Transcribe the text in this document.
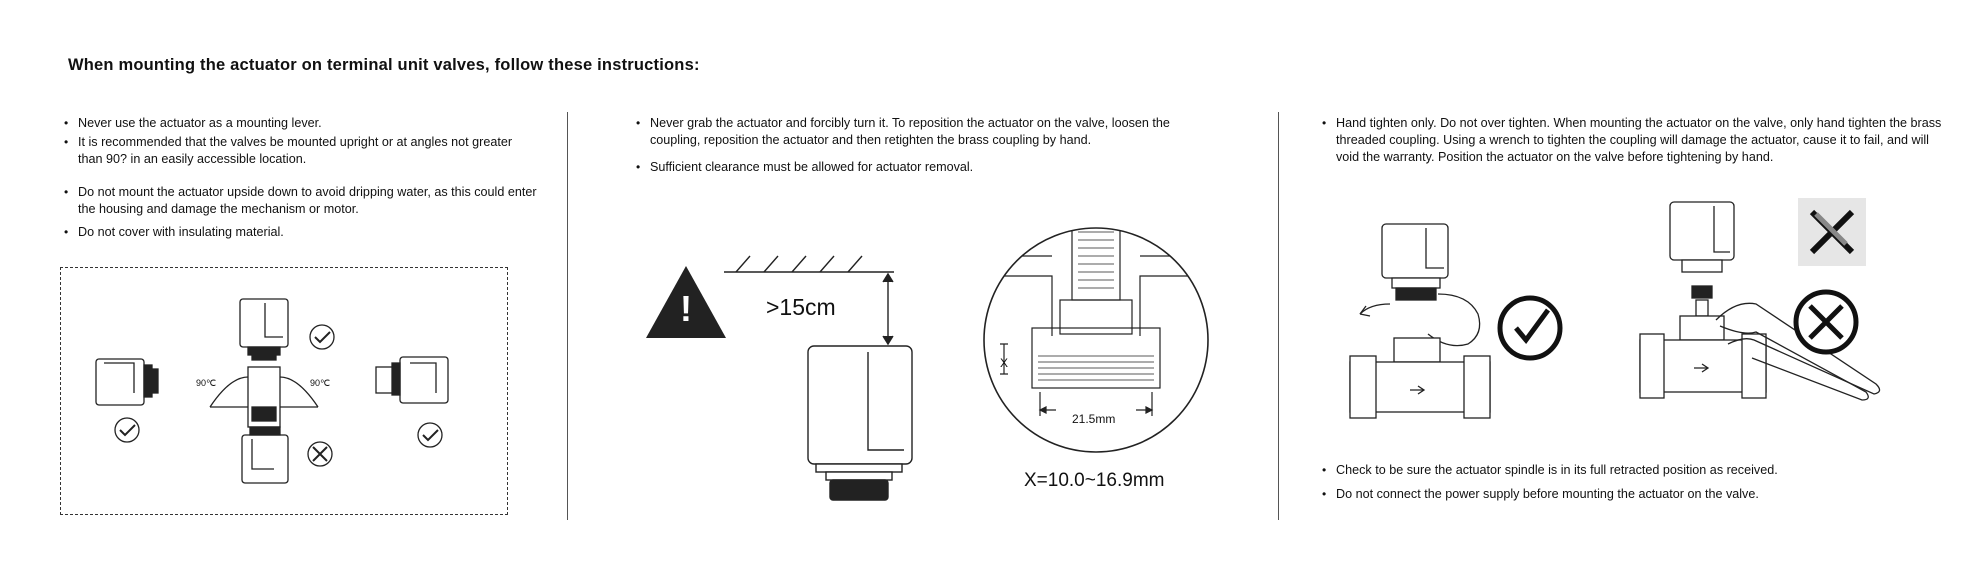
When mounting the actuator on terminal unit valves, follow these instructions:
• Never use the actuator as a mounting lever.
• It is recommended that the valves be mounted upright or at angles not greater than 90? in an easily accessible location.
• Do not mount the actuator upside down to avoid dripping water, as this could enter the housing and damage the mechanism or motor.
• Do not cover with insulating material.
90℃	90℃
• Never grab the actuator and forcibly turn it. To reposition the actuator on the valve, loosen the coupling, reposition the actuator and then retighten the brass coupling by hand.
• Sufficient clearance must be allowed for actuator removal.
!	>15cm
X
21.5mm
X=10.0~16.9mm
• Hand tighten only. Do not over tighten. When mounting the actuator on the valve, only hand tighten the brass threaded coupling. Using a wrench to tighten the coupling will damage the actuator, cause it to fail, and will void the warranty. Position the actuator on the valve before tightening by hand.
• Check to be sure the actuator spindle is in its full retracted position as received.
• Do not connect the power supply before mounting the actuator on the valve.
